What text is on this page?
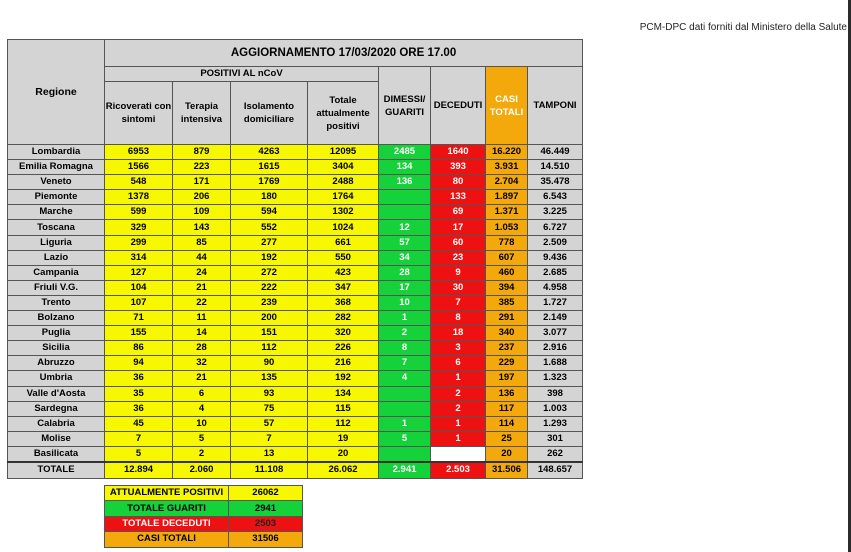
PCM-DPC dati forniti dal Ministero della Salute
Regione	AGGIORNAMENTO 17/03/2020 ORE 17.00							
	POSITIVI AL nCoV				DIMESSI/ GUARITI	DECEDUTI	CASI TOTALI	TAMPONI
	Ricoverati con sintomi	Terapia intensiva	Isolamento domiciliare	Totale attualmente positivi				
Lombardia	6953	879	4263	12095	2485	1640	16.220	46.449
Emilia Romagna	1566	223	1615	3404	134	393	3.931	14.510
Veneto	548	171	1769	2488	136	80	2.704	35.478
Piemonte	1378	206	180	1764		133	1.897	6.543
Marche	599	109	594	1302		69	1.371	3.225
Toscana	329	143	552	1024	12	17	1.053	6.727
Liguria	299	85	277	661	57	60	778	2.509
Lazio	314	44	192	550	34	23	607	9.436
Campania	127	24	272	423	28	9	460	2.685
Friuli V.G.	104	21	222	347	17	30	394	4.958
Trento	107	22	239	368	10	7	385	1.727
Bolzano	71	11	200	282	1	8	291	2.149
Puglia	155	14	151	320	2	18	340	3.077
Sicilia	86	28	112	226	8	3	237	2.916
Abruzzo	94	32	90	216	7	6	229	1.688
Umbria	36	21	135	192	4	1	197	1.323
Valle d'Aosta	35	6	93	134		2	136	398
Sardegna	36	4	75	115		2	117	1.003
Calabria	45	10	57	112	1	1	114	1.293
Molise	7	5	7	19	5	1	25	301
Basilicata	5	2	13	20			20	262
TOTALE	12.894	2.060	11.108	26.062	2.941	2.503	31.506	148.657
ATTUALMENTE POSITIVI	26062
TOTALE GUARITI	2941
TOTALE DECEDUTI	2503
CASI TOTALI	31506
